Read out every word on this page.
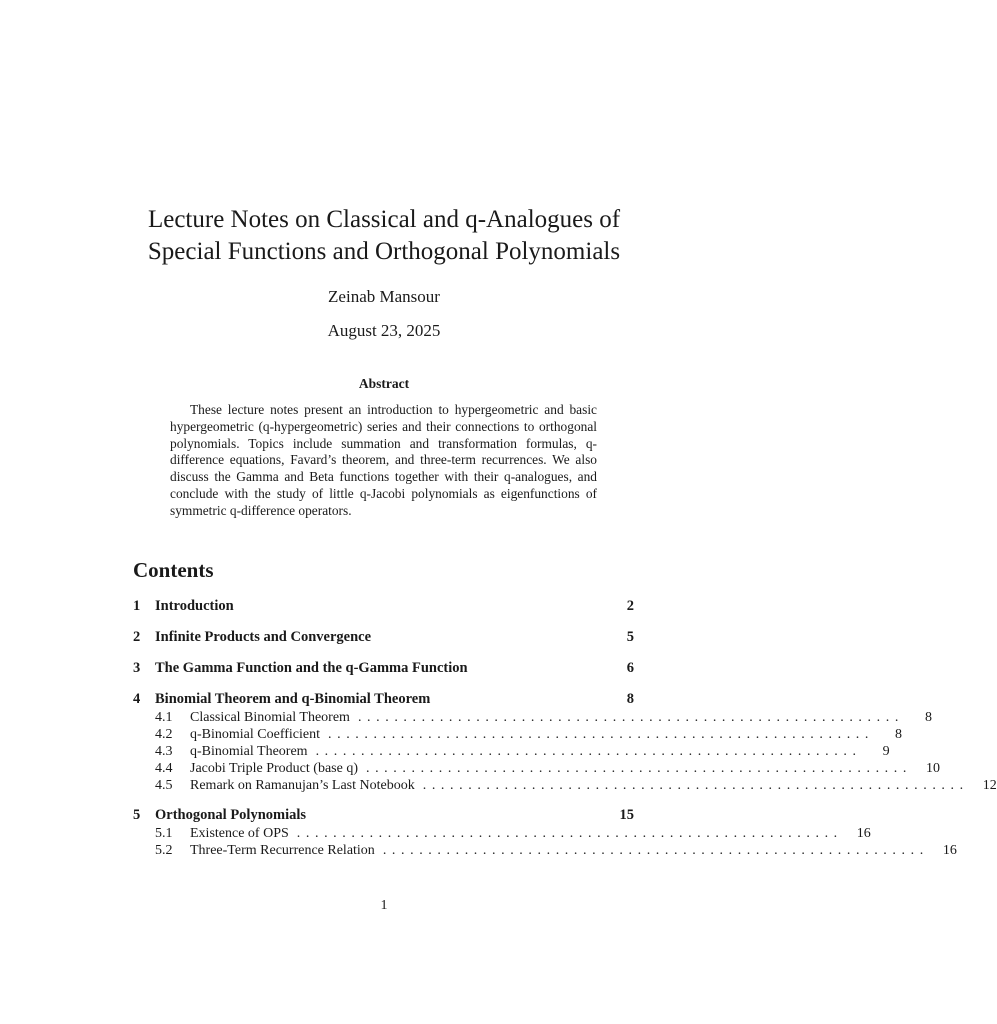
Lecture Notes on Classical and q-Analogues of
Special Functions and Orthogonal Polynomials
Zeinab Mansour
August 23, 2025
Abstract
These lecture notes present an introduction to hypergeometric and basic hypergeometric (q-hypergeometric) series and their connections to orthogonal polynomials. Topics include summation and transformation formulas, q-difference equations, Favard’s theorem, and three-term recurrences. We also discuss the Gamma and Beta functions together with their q-analogues, and conclude with the study of little q-Jacobi polynomials as eigenfunctions of symmetric q-difference operators.
Contents
1	Introduction	2
2	Infinite Products and Convergence	5
3	The Gamma Function and the q-Gamma Function	6
4	Binomial Theorem and q-Binomial Theorem	8
4.1	Classical Binomial Theorem ............................................................	8
4.2	q-Binomial Coefficient ............................................................	8
4.3	q-Binomial Theorem ............................................................	9
4.4	Jacobi Triple Product (base q) ............................................................	10
4.5	Remark on Ramanujan’s Last Notebook ............................................................	12
5	Orthogonal Polynomials	15
5.1	Existence of OPS ............................................................	16
5.2	Three-Term Recurrence Relation ............................................................	16
1
